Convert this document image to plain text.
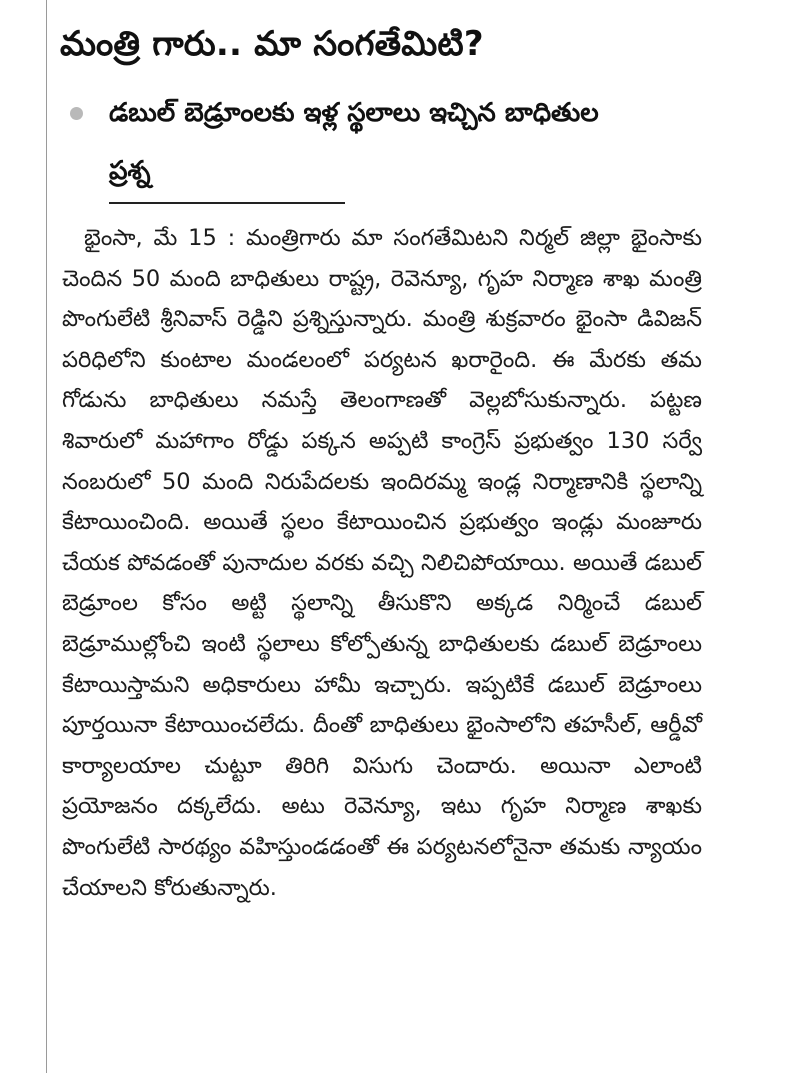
మంత్రి గారు.. మా సంగతేమిటి?
డబుల్ బెడ్రూంలకు ఇళ్ల స్థలాలు ఇచ్చిన బాధితుల ప్రశ్న

భైంసా, మే 15 : మంత్రిగారు మా సంగతేమిటని నిర్మల్ జిల్లా భైంసాకు చెందిన 50 మంది బాధితులు రాష్ట్ర, రెవెన్యూ, గృహ నిర్మాణ శాఖ మంత్రి పొంగులేటి శ్రీనివాస్ రెడ్డిని ప్రశ్నిస్తున్నారు. మంత్రి శుక్రవారం భైంసా డివిజన్ పరిధిలోని కుంటాల మండలంలో పర్యటన ఖరారైంది. ఈ మేరకు తమ గోడును బాధితులు నమస్తే తెలంగాణతో వెల్లబోసుకున్నారు. పట్టణ శివారులో మహాగాం రోడ్డు పక్కన అప్పటి కాంగ్రెస్ ప్రభుత్వం 130 సర్వే నంబరులో 50 మంది నిరుపేదలకు ఇందిరమ్మ ఇండ్ల నిర్మాణానికి స్థలాన్ని కేటాయించింది. అయితే స్థలం కేటాయించిన ప్రభుత్వం ఇండ్లు మంజూరు చేయక పోవడంతో పునాదుల వరకు వచ్చి నిలిచిపోయాయి. అయితే డబుల్ బెడ్రూంల కోసం అట్టి స్థలాన్ని తీసుకొని అక్కడ నిర్మించే డబుల్ బెడ్రూముల్లోంచి ఇంటి స్థలాలు కోల్పోతున్న బాధితులకు డబుల్ బెడ్రూంలు కేటాయిస్తామని అధికారులు హామీ ఇచ్చారు. ఇప్పటికే డబుల్ బెడ్రూంలు పూర్తయినా కేటాయించలేదు. దీంతో బాధితులు భైంసాలోని తహసీల్, ఆర్డీవో కార్యాలయాల చుట్టూ తిరిగి విసుగు చెందారు. అయినా ఎలాంటి ప్రయోజనం దక్కలేదు. అటు రెవెన్యూ, ఇటు గృహ నిర్మాణ శాఖకు పొంగులేటి సారథ్యం వహిస్తుండడంతో ఈ పర్యటనలోనైనా తమకు న్యాయం చేయాలని కోరుతున్నారు.
